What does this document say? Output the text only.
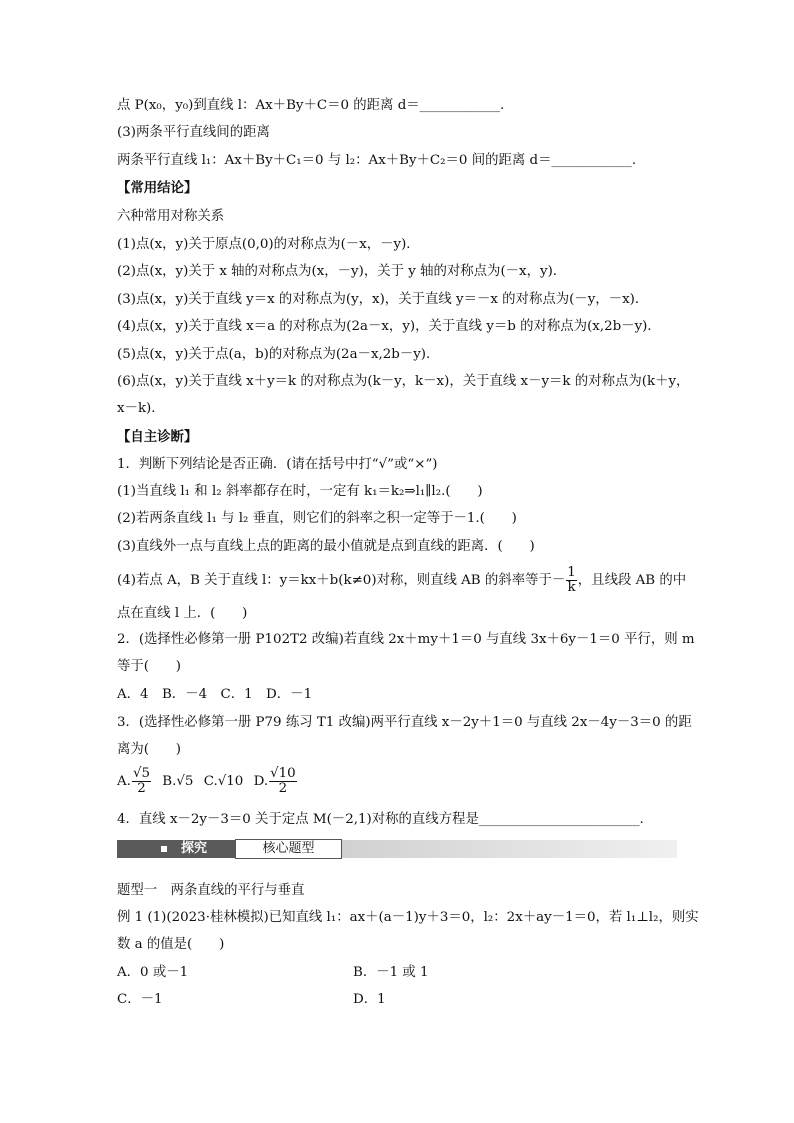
点 P(x₀，y₀)到直线 l：Ax＋By＋C＝0 的距离 d＝____________.
(3)两条平行直线间的距离
两条平行直线 l₁：Ax＋By＋C₁＝0 与 l₂：Ax＋By＋C₂＝0 间的距离 d＝____________.
【常用结论】
六种常用对称关系
(1)点(x，y)关于原点(0,0)的对称点为(－x，－y)．
(2)点(x，y)关于 x 轴的对称点为(x，－y)，关于 y 轴的对称点为(－x，y)．
(3)点(x，y)关于直线 y＝x 的对称点为(y，x)，关于直线 y＝－x 的对称点为(－y，－x)．
(4)点(x，y)关于直线 x＝a 的对称点为(2a－x，y)，关于直线 y＝b 的对称点为(x,2b－y)．
(5)点(x，y)关于点(a，b)的对称点为(2a－x,2b－y)．
(6)点(x，y)关于直线 x＋y＝k 的对称点为(k－y，k－x)，关于直线 x－y＝k 的对称点为(k＋y，
x－k)．
【自主诊断】
1．判断下列结论是否正确．(请在括号中打“√”或“×”)
(1)当直线 l₁ 和 l₂ 斜率都存在时，一定有 k₁＝k₂⇒l₁∥l₂.(　　)
(2)若两条直线 l₁ 与 l₂ 垂直，则它们的斜率之积一定等于－1.(　　)
(3)直线外一点与直线上点的距离的最小值就是点到直线的距离．(　　)
(4)若点 A，B 关于直线 l：y＝kx＋b(k≠0)对称，则直线 AB 的斜率等于－ $\frac{1}{k}$ ，且线段 AB 的中
点在直线 l 上．(　　)
2．(选择性必修第一册 P102T2 改编)若直线 2x＋my＋1＝0 与直线 3x＋6y－1＝0 平行，则 m
等于(　　)
A．4　B．－4　C．1　D．－1
3．(选择性必修第一册 P79 练习 T1 改编)两平行直线 x－2y＋1＝0 与直线 2x－4y－3＝0 的距
离为(　　)
A. $\frac{√5}{2} B.√5$ C.√10 D. $\frac{√10}{2}$
4．直线 x－2y－3＝0 关于定点 M(－2,1)对称的直线方程是________________________.
探究	核心题型
题型一　两条直线的平行与垂直
例 1 (1)(2023·桂林模拟)已知直线 l₁：ax＋(a－1)y＋3＝0，l₂：2x＋ay－1＝0，若 l₁⊥l₂，则实
数 a 的值是(　　)
A．0 或－1	B．－1 或 1
C．－1	D．1
